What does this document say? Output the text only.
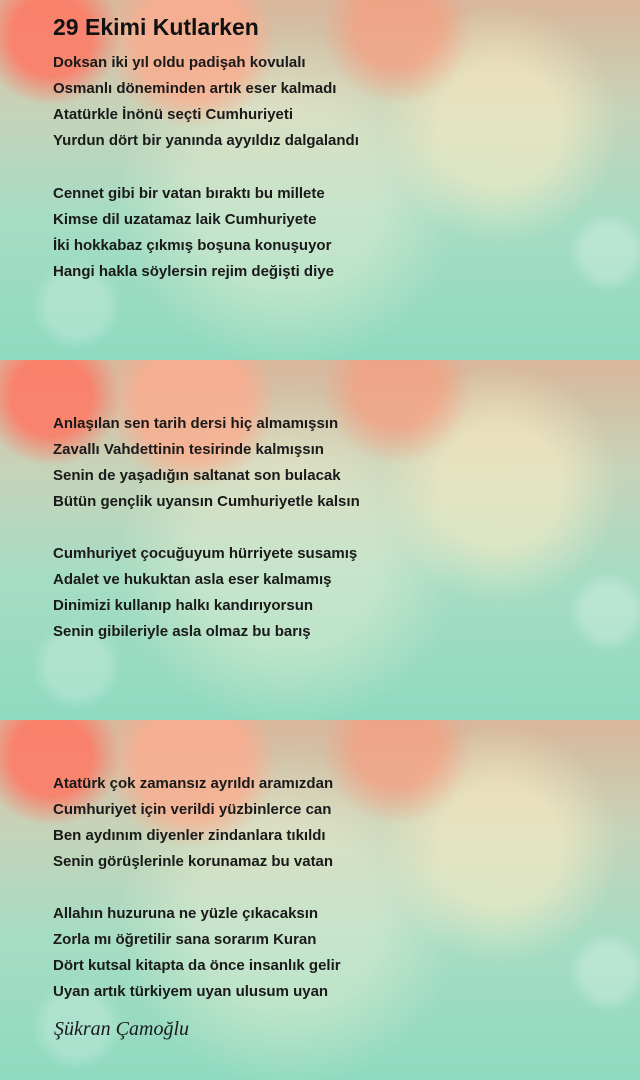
29 Ekimi Kutlarken
Doksan iki yıl oldu padişah kovulalı
Osmanlı döneminden artık eser kalmadı
Atatürkle İnönü seçti Cumhuriyeti
Yurdun dört bir yanında ayyıldız dalgalandı
Cennet gibi bir vatan bıraktı bu millete
Kimse dil uzatamaz laik Cumhuriyete
İki hokkabaz çıkmış boşuna konuşuyor
Hangi hakla söylersin rejim değişti diye
Anlaşılan sen tarih dersi hiç almamışsın
Zavallı Vahdettinin tesirinde kalmışsın
Senin de yaşadığın saltanat son bulacak
Bütün gençlik uyansın Cumhuriyetle kalsın
Cumhuriyet çocuğuyum hürriyete susamış
Adalet ve hukuktan asla eser kalmamış
Dinimizi kullanıp halkı kandırıyorsun
Senin gibileriyle asla olmaz bu barış
Atatürk çok zamansız ayrıldı aramızdan
Cumhuriyet için verildi yüzbinlerce can
Ben aydınım diyenler zindanlara tıkıldı
Senin görüşlerinle korunamaz bu vatan
Allahın huzuruna ne yüzle çıkacaksın
Zorla mı öğretilir sana sorarım Kuran
Dört kutsal kitapta da önce insanlık gelir
Uyan artık türkiyem uyan ulusum uyan
Şükran Çamoğlu
